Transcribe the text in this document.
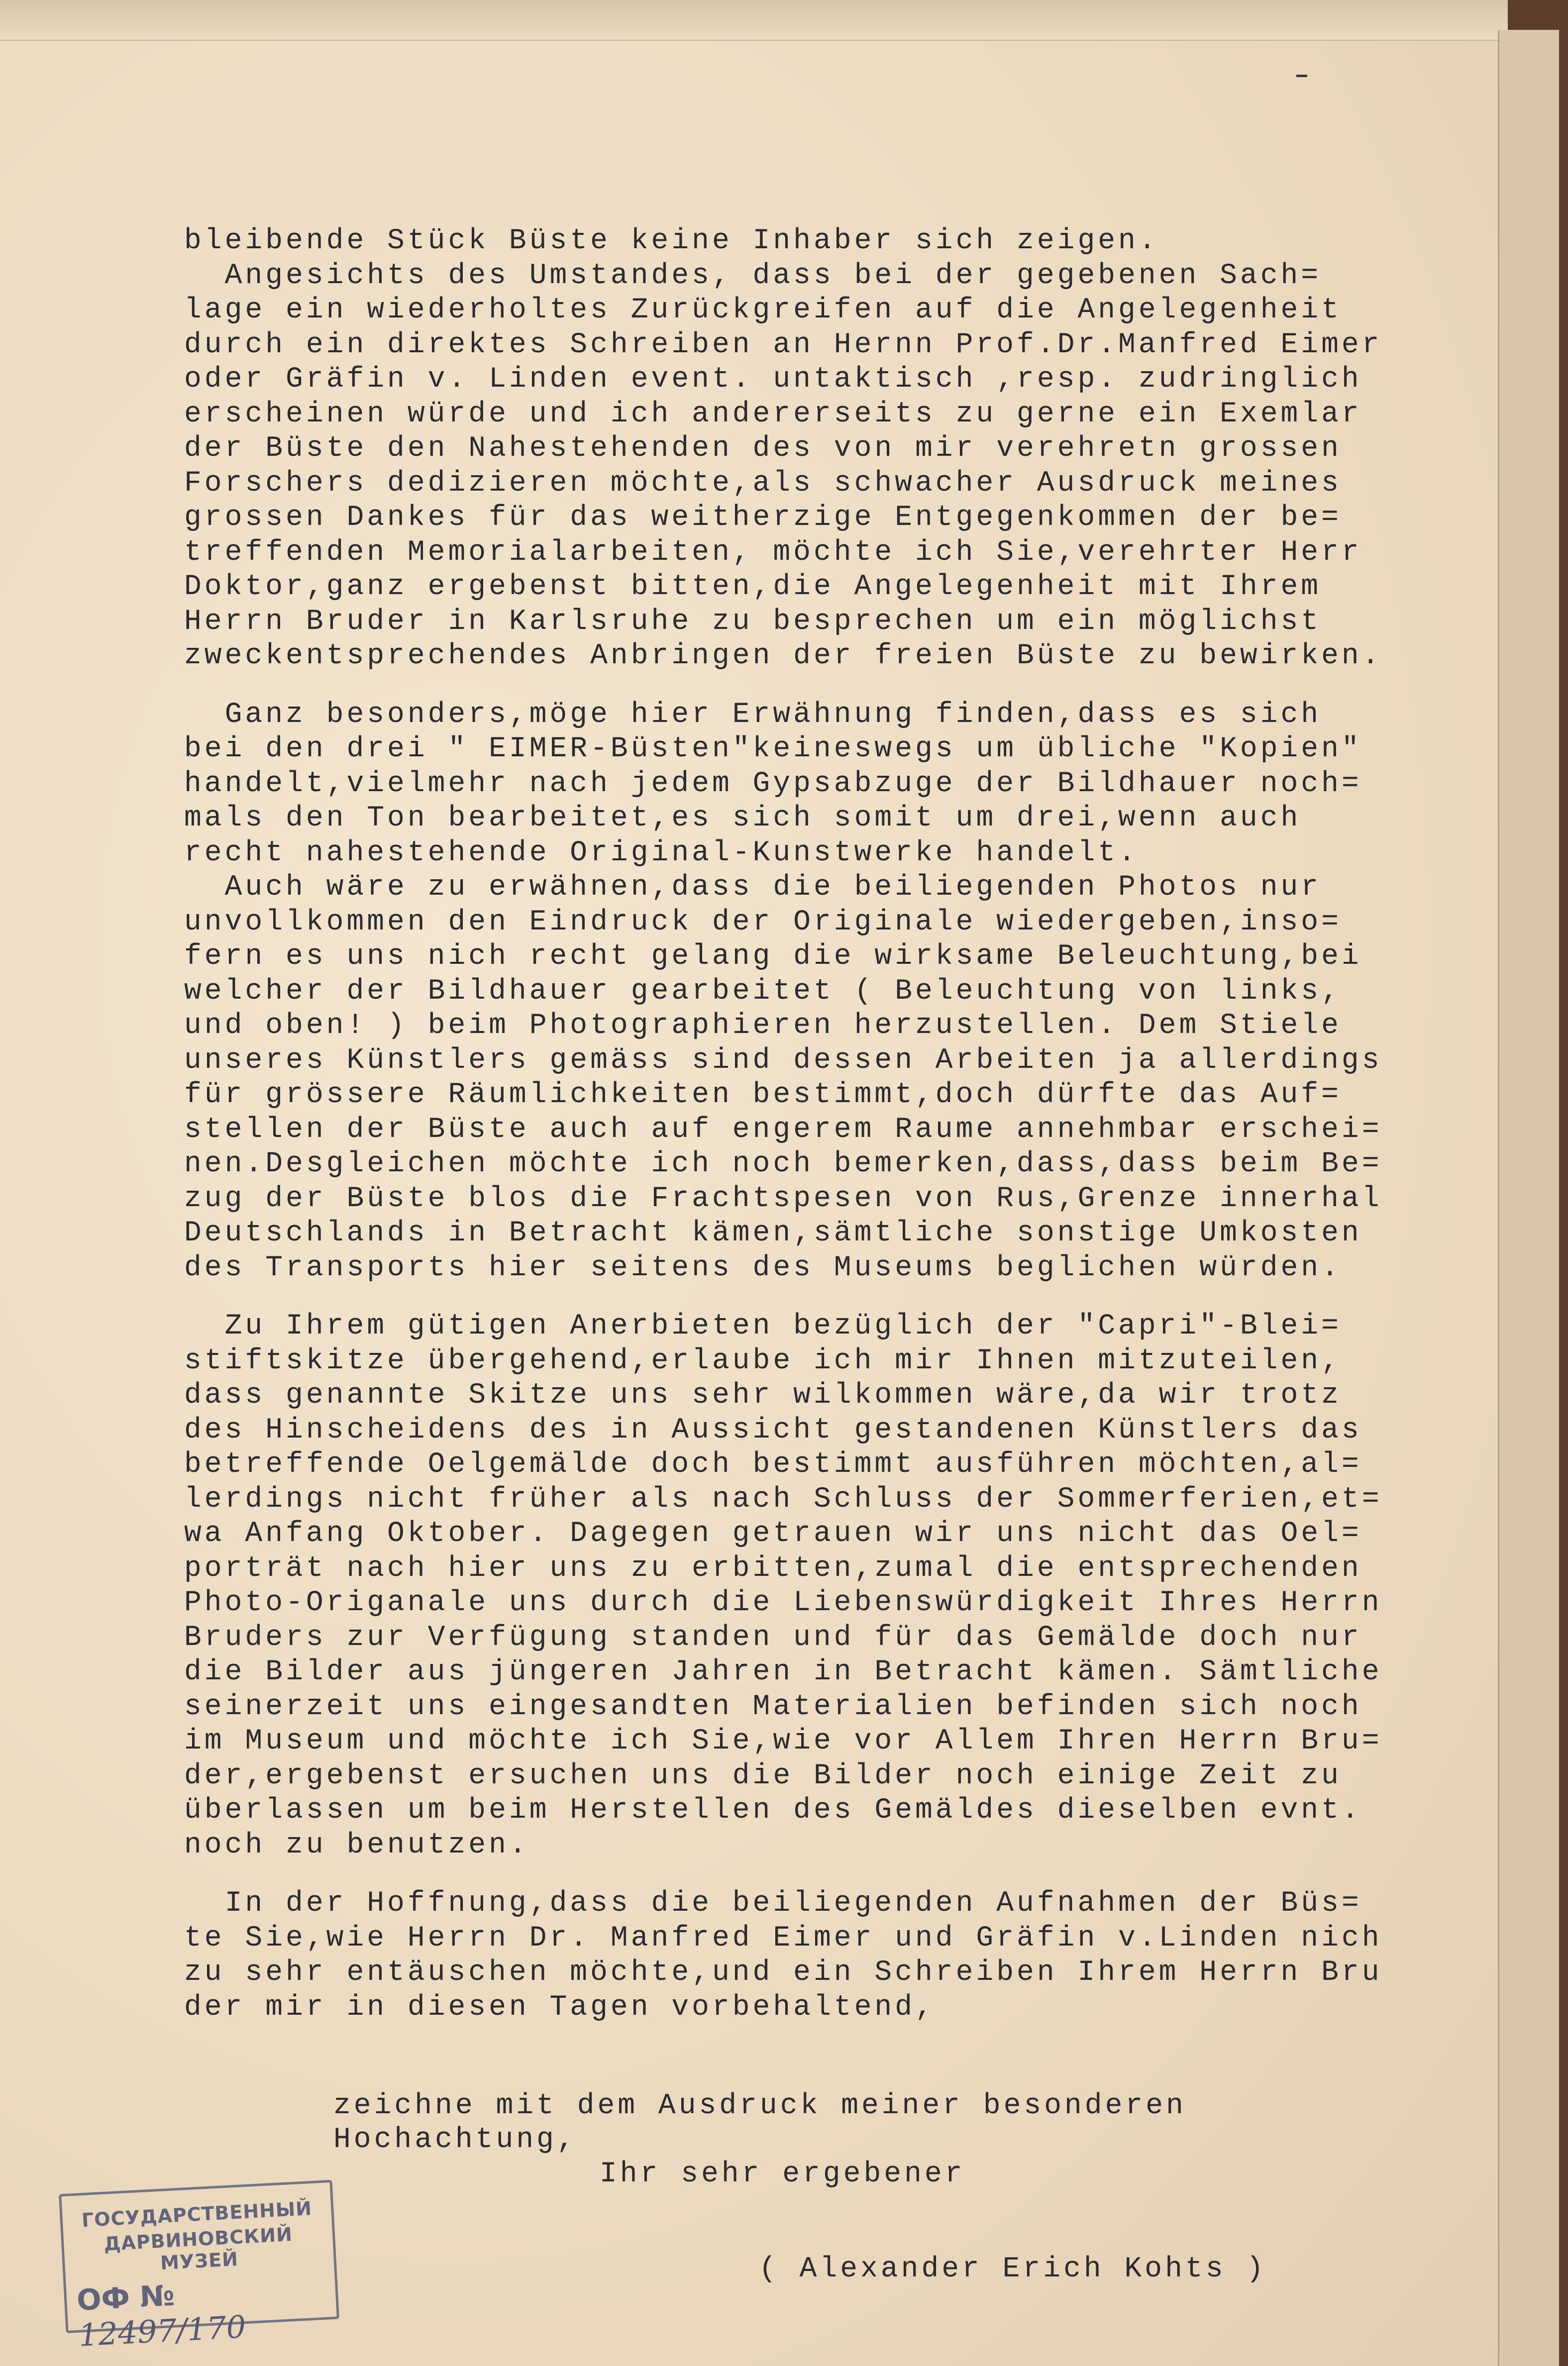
bleibende Stück Büste keine Inhaber sich zeigen.
Angesichts des Umstandes, dass bei der gegebenen Sach=
lage ein wiederholtes Zurückgreifen auf die Angelegenheit
durch ein direktes Schreiben an Hernn Prof.Dr.Manfred Eimer
oder Gräfin v. Linden event. untaktisch ,resp. zudringlich
erscheinen würde und ich andererseits zu gerne ein Exemlar
der Büste den Nahestehenden des von mir verehretn grossen
Forschers dedizieren möchte,als schwacher Ausdruck meines
grossen Dankes für das weitherzige Entgegenkommen der be=
treffenden Memorialarbeiten, möchte ich Sie,verehrter Herr
Doktor,ganz ergebenst bitten,die Angelegenheit mit Ihrem
Herrn Bruder in Karlsruhe zu besprechen um ein möglichst
zweckentsprechendes Anbringen der freien Büste zu bewirken.
Ganz besonders,möge hier Erwähnung finden,dass es sich
bei den drei " EIMER-Büsten"keineswegs um übliche "Kopien"
handelt,vielmehr nach jedem Gypsabzuge der Bildhauer noch=
mals den Ton bearbeitet,es sich somit um drei,wenn auch
recht nahestehende Original-Kunstwerke handelt.
Auch wäre zu erwähnen,dass die beiliegenden Photos nur
unvollkommen den Eindruck der Originale wiedergeben,inso=
fern es uns nich recht gelang die wirksame Beleuchtung,bei
welcher der Bildhauer gearbeitet ( Beleuchtung von links,
und oben! ) beim Photographieren herzustellen. Dem Stiele
unseres Künstlers gemäss sind dessen Arbeiten ja allerdings
für grössere Räumlichkeiten bestimmt,doch dürfte das Auf=
stellen der Büste auch auf engerem Raume annehmbar erschei=
nen.Desgleichen möchte ich noch bemerken,dass,dass beim Be=
zug der Büste blos die Frachtspesen von Rus,Grenze innerhal
Deutschlands in Betracht kämen,sämtliche sonstige Umkosten
des Transports hier seitens des Museums beglichen würden.
Zu Ihrem gütigen Anerbieten bezüglich der "Capri"-Blei=
stiftskitze übergehend,erlaube ich mir Ihnen mitzuteilen,
dass genannte Skitze uns sehr wilkommen wäre,da wir trotz
des Hinscheidens des in Aussicht gestandenen Künstlers das
betreffende Oelgemälde doch bestimmt ausführen möchten,al=
lerdings nicht früher als nach Schluss der Sommerferien,et=
wa Anfang Oktober. Dagegen getrauen wir uns nicht das Oel=
porträt nach hier uns zu erbitten,zumal die entsprechenden
Photo-Origanale uns durch die Liebenswürdigkeit Ihres Herrn
Bruders zur Verfügung standen und für das Gemälde doch nur
die Bilder aus jüngeren Jahren in Betracht kämen. Sämtliche
seinerzeit uns eingesandten Materialien befinden sich noch
im Museum und möchte ich Sie,wie vor Allem Ihren Herrn Bru=
der,ergebenst ersuchen uns die Bilder noch einige Zeit zu
überlassen um beim Herstellen des Gemäldes dieselben evnt.
noch zu benutzen.
In der Hoffnung,dass die beiliegenden Aufnahmen der Büs=
te Sie,wie Herrn Dr. Manfred Eimer und Gräfin v.Linden nich
zu sehr entäuschen möchte,und ein Schreiben Ihrem Herrn Bru
der mir in diesen Tagen vorbehaltend,
zeichne mit dem Ausdruck meiner besonderen
Hochachtung,
Ihr sehr ergebener
( Alexander Erich Kohts )
ГОСУДАРСТВЕННЫЙ
ДАРВИНОВСКИЙ МУЗЕЙ
ОФ № 12497/170
